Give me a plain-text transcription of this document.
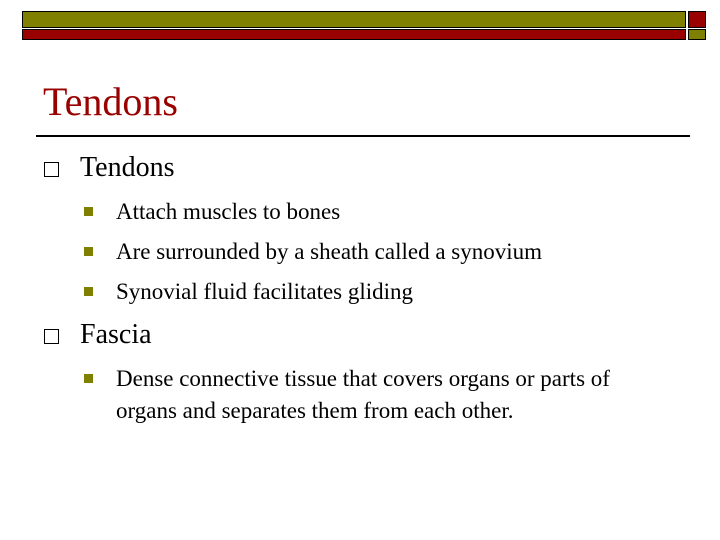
Tendons
Tendons
Attach muscles to bones
Are surrounded by a sheath called a synovium
Synovial fluid facilitates gliding
Fascia
Dense connective tissue that covers organs or parts of organs and separates them from each other.
